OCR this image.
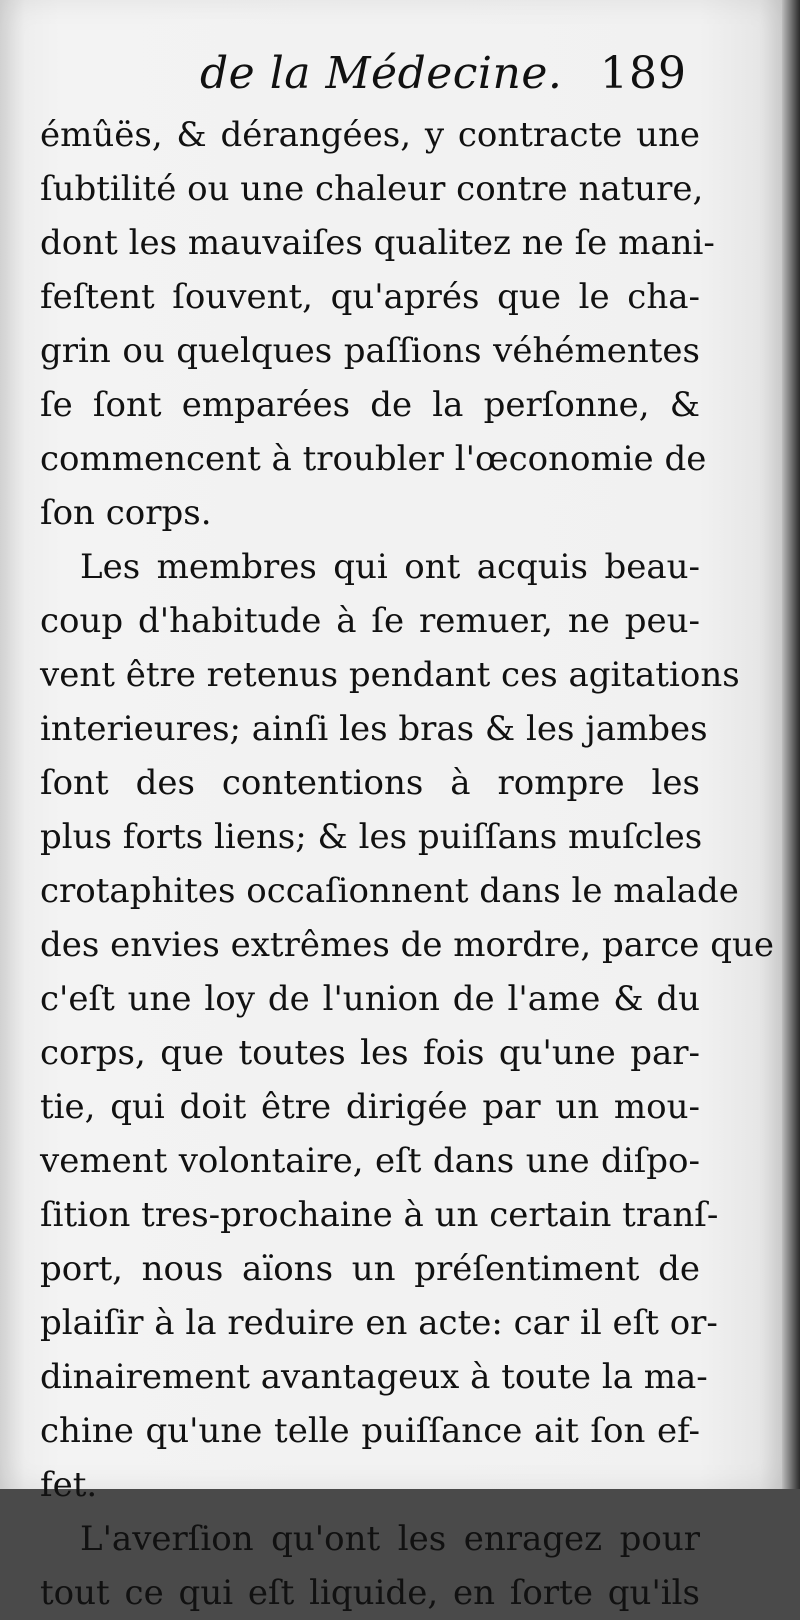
de la Médecine. 189
émûës, & dérangées, y contracte une
ſubtilité ou une chaleur contre nature,
dont les mauvaiſes qualitez ne ſe mani-
feſtent ſouvent, qu'aprés que le cha-
grin ou quelques paſſions véhémentes
ſe ſont emparées de la perſonne, &
commencent à troubler l'œconomie de
ſon corps.
Les membres qui ont acquis beau-
coup d'habitude à ſe remuer, ne peu-
vent être retenus pendant ces agitations
interieures; ainſi les bras & les jambes
ſont des contentions à rompre les
plus forts liens; & les puiſſans muſcles
crotaphites occaſionnent dans le malade
des envies extrêmes de mordre, parce que
c'eſt une loy de l'union de l'ame & du
corps, que toutes les fois qu'une par-
tie, qui doit être dirigée par un mou-
vement volontaire, eſt dans une diſpo-
ſition tres-prochaine à un certain tranſ-
port, nous aïons un préſentiment de
plaiſir à la reduire en acte: car il eſt or-
dinairement avantageux à toute la ma-
chine qu'une telle puiſſance ait ſon ef-
fet.
L'averſion qu'ont les enragez pour
tout ce qui eſt liquide, en ſorte qu'ils
